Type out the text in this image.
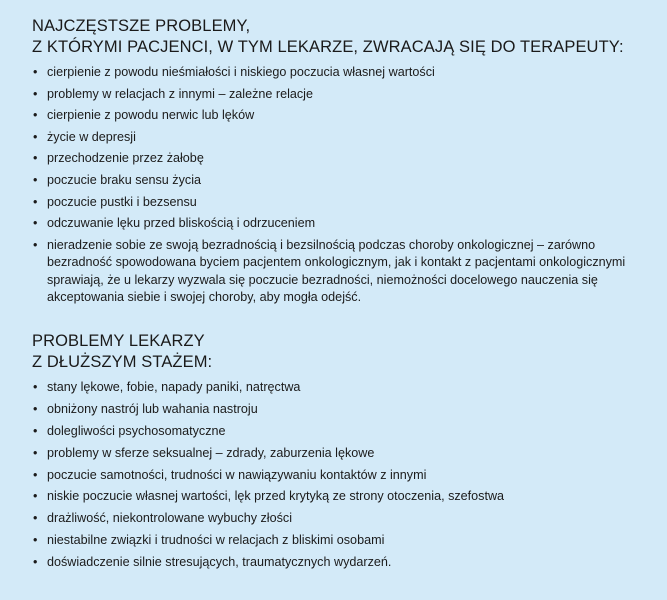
NAJCZĘSTSZE PROBLEMY,
Z KTÓRYMI PACJENCI, W TYM LEKARZE, ZWRACAJĄ SIĘ DO TERAPEUTY:
• cierpienie z powodu nieśmiałości i niskiego poczucia własnej wartości
• problemy w relacjach z innymi – zależne relacje
• cierpienie z powodu nerwic lub lęków
• życie w depresji
• przechodzenie przez żałobę
• poczucie braku sensu życia
• poczucie pustki i bezsensu
• odczuwanie lęku przed bliskością i odrzuceniem
• nieradzenie sobie ze swoją bezradnością i bezsilnością podczas choroby onkologicznej – zarówno bezradność spowodowana byciem pacjentem onkologicznym, jak i kontakt z pacjentami onkologicznymi sprawiają, że u lekarzy wyzwala się poczucie bezradności, niemożności docelowego nauczenia się akceptowania siebie i swojej choroby, aby mogła odejść.
PROBLEMY LEKARZY
Z DŁUŻSZYM STAŻEM:
• stany lękowe, fobie, napady paniki, natręctwa
• obniżony nastrój lub wahania nastroju
• dolegliwości psychosomatyczne
• problemy w sferze seksualnej – zdrady, zaburzenia lękowe
• poczucie samotności, trudności w nawiązywaniu kontaktów z innymi
• niskie poczucie własnej wartości, lęk przed krytyką ze strony otoczenia, szefostwa
• drażliwość, niekontrolowane wybuchy złości
• niestabilne związki i trudności w relacjach z bliskimi osobami
• doświadczenie silnie stresujących, traumatycznych wydarzeń.
